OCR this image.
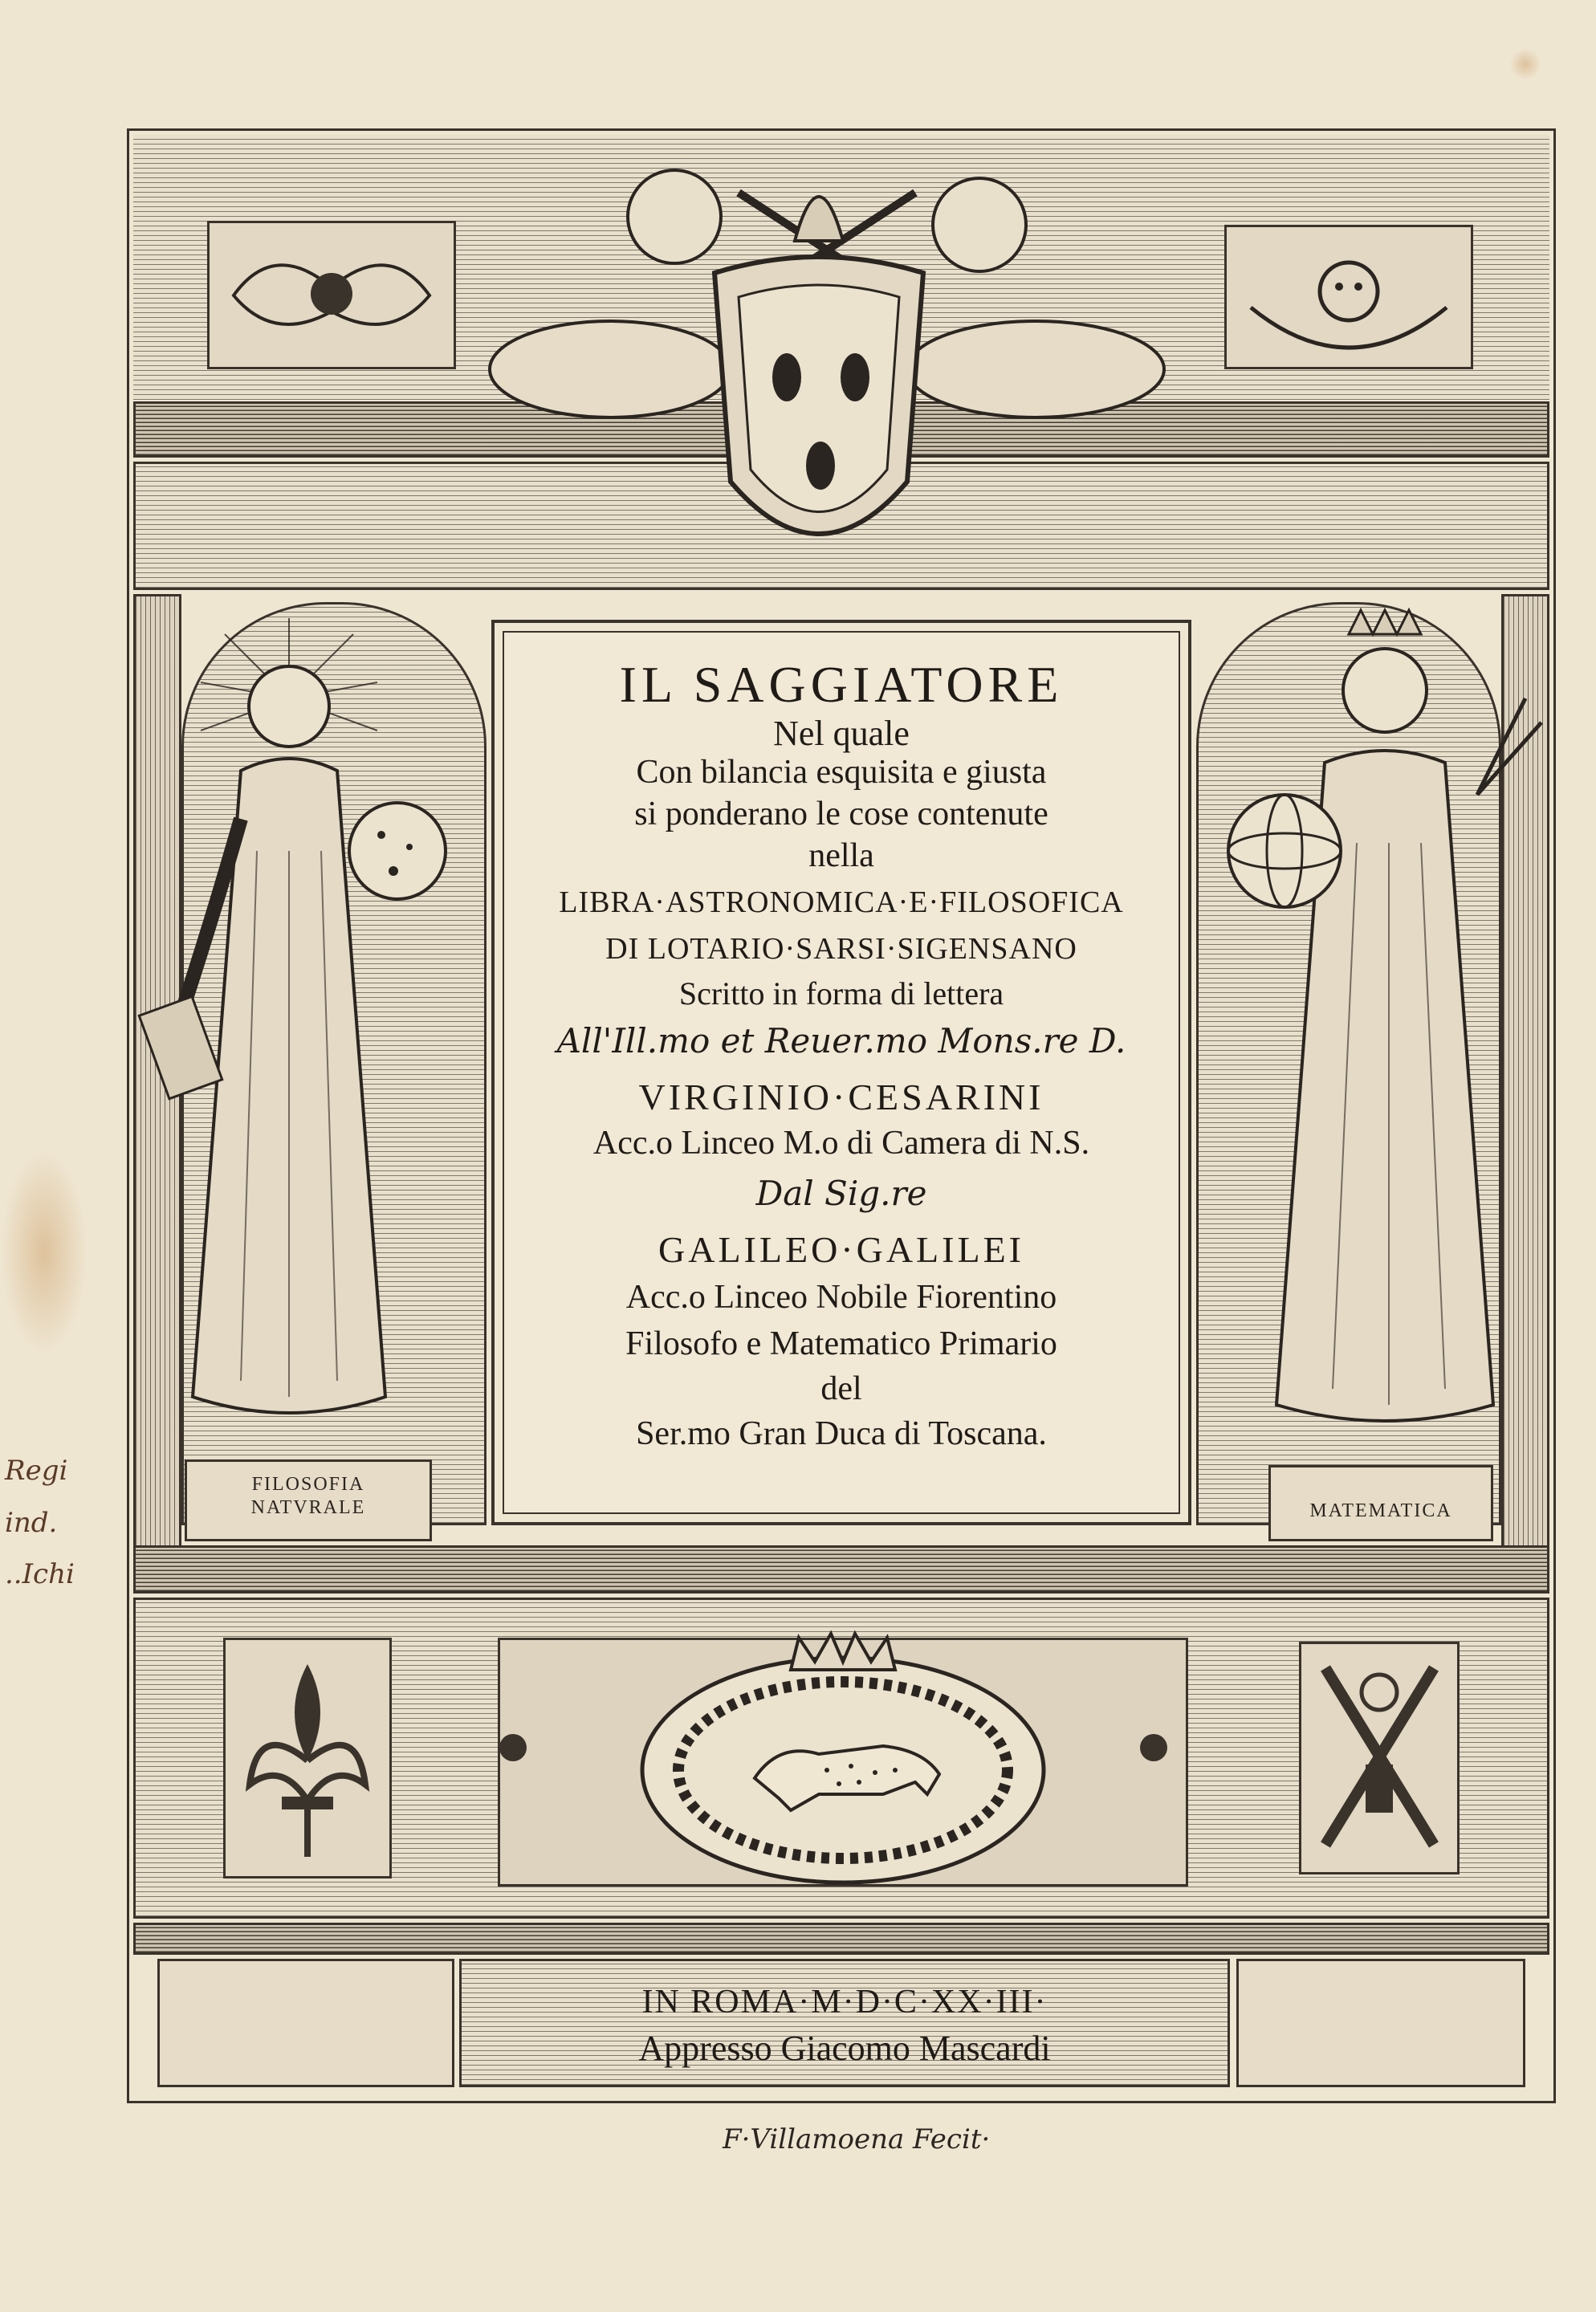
Regi
ind.
..Ichi
FILOSOFIA
NATVRALE	MATEMATICA
IL SAGGIATORE
Nel quale
Con bilancia esquisita e giusta
si ponderano le cose contenute
nella
LIBRA·ASTRONOMICA·E·FILOSOFICA
DI LOTARIO·SARSI·SIGENSANO
Scritto in forma di lettera
All'Ill.mo et Reuer.mo Mons.re D.
VIRGINIO·CESARINI
Acc.o Linceo M.o di Camera di N.S.
Dal Sig.re
GALILEO·GALILEI
Acc.o Linceo Nobile Fiorentino
Filosofo e Matematico Primario
del
Ser.mo Gran Duca di Toscana.
IN ROMA·M·D·C·XX·III·
Appresso Giacomo Mascardi
F·Villamoena Fecit·
